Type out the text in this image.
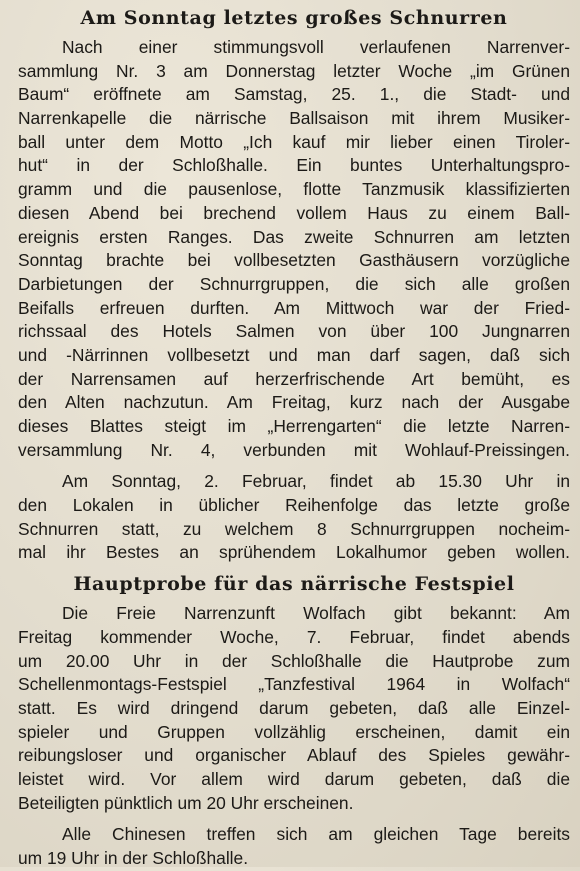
Am Sonntag letztes großes Schnurren
Nach einer stimmungsvoll verlaufenen Narrenver-
sammlung Nr. 3 am Donnerstag letzter Woche „im Grünen
Baum“ eröffnete am Samstag, 25. 1., die Stadt- und
Narrenkapelle die närrische Ballsaison mit ihrem Musiker-
ball unter dem Motto „Ich kauf mir lieber einen Tiroler-
hut“ in der Schloßhalle. Ein buntes Unterhaltungspro-
gramm und die pausenlose, flotte Tanzmusik klassifizierten
diesen Abend bei brechend vollem Haus zu einem Ball-
ereignis ersten Ranges. Das zweite Schnurren am letzten
Sonntag brachte bei vollbesetzten Gasthäusern vorzügliche
Darbietungen der Schnurrgruppen, die sich alle großen
Beifalls erfreuen durften. Am Mittwoch war der Fried-
richssaal des Hotels Salmen von über 100 Jungnarren
und -Närrinnen vollbesetzt und man darf sagen, daß sich
der Narrensamen auf herzerfrischende Art bemüht, es
den Alten nachzutun. Am Freitag, kurz nach der Ausgabe
dieses Blattes steigt im „Herrengarten“ die letzte Narren-
versammlung Nr. 4, verbunden mit Wohlauf-Preissingen.
Am Sonntag, 2. Februar, findet ab 15.30 Uhr in
den Lokalen in üblicher Reihenfolge das letzte große
Schnurren statt, zu welchem 8 Schnurrgruppen nocheim-
mal ihr Bestes an sprühendem Lokalhumor geben wollen.
Hauptprobe für das närrische Festspiel
Die Freie Narrenzunft Wolfach gibt bekannt: Am
Freitag kommender Woche, 7. Februar, findet abends
um 20.00 Uhr in der Schloßhalle die Hautprobe zum
Schellenmontags-Festspiel „Tanzfestival 1964 in Wolfach“
statt. Es wird dringend darum gebeten, daß alle Einzel-
spieler und Gruppen vollzählig erscheinen, damit ein
reibungsloser und organischer Ablauf des Spieles gewähr-
leistet wird. Vor allem wird darum gebeten, daß die
Beteiligten pünktlich um 20 Uhr erscheinen.
Alle Chinesen treffen sich am gleichen Tage bereits
um 19 Uhr in der Schloßhalle.
